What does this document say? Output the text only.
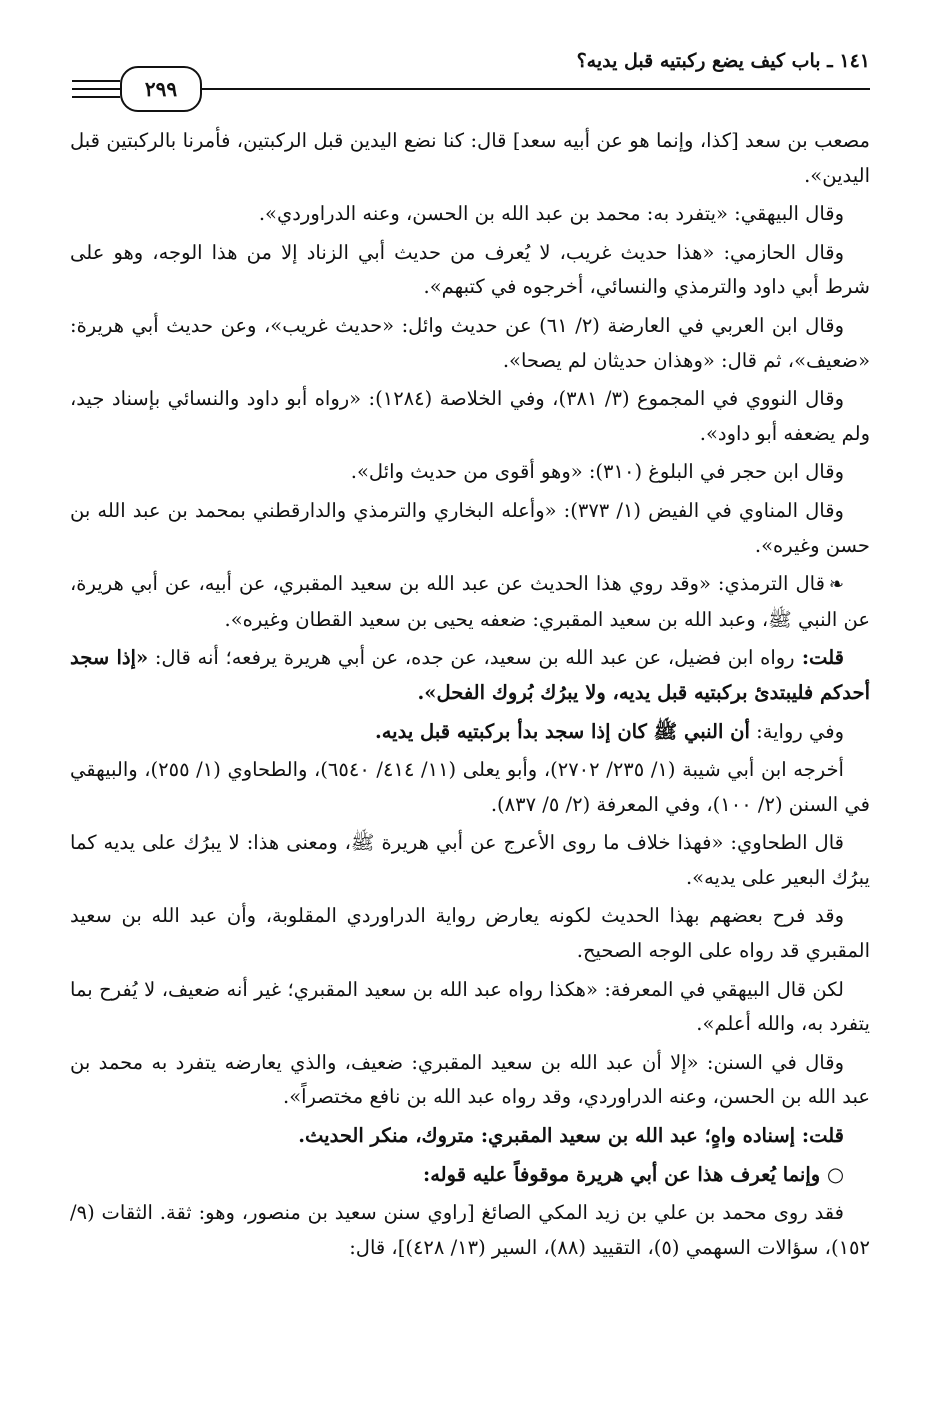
١٤١ ـ باب كيف يضع ركبتيه قبل يديه؟
٢٩٩

مصعب بن سعد [كذا، وإنما هو عن أبيه سعد] قال: كنا نضع اليدين قبل الركبتين، فأمرنا بالركبتين قبل اليدين».

وقال البيهقي: «يتفرد به: محمد بن عبد الله بن الحسن، وعنه الدراوردي».

وقال الحازمي: «هذا حديث غريب، لا يُعرف من حديث أبي الزناد إلا من هذا الوجه، وهو على شرط أبي داود والترمذي والنسائي، أخرجوه في كتبهم».

وقال ابن العربي في العارضة (٢/ ٦١) عن حديث وائل: «حديث غريب»، وعن حديث أبي هريرة: «ضعيف»، ثم قال: «وهذان حديثان لم يصحا».

وقال النووي في المجموع (٣/ ٣٨١)، وفي الخلاصة (١٢٨٤): «رواه أبو داود والنسائي بإسناد جيد، ولم يضعفه أبو داود».

وقال ابن حجر في البلوغ (٣١٠): «وهو أقوى من حديث وائل».

وقال المناوي في الفيض (١/ ٣٧٣): «وأعله البخاري والترمذي والدارقطني بمحمد بن عبد الله بن حسن وغيره».

❧قال الترمذي: «وقد روي هذا الحديث عن عبد الله بن سعيد المقبري، عن أبيه، عن أبي هريرة، عن النبي ﷺ، وعبد الله بن سعيد المقبري: ضعفه يحيى بن سعيد القطان وغيره».

قلت: رواه ابن فضيل، عن عبد الله بن سعيد، عن جده، عن أبي هريرة يرفعه؛ أنه قال: «إذا سجد أحدكم فليبتدئ بركبتيه قبل يديه، ولا يبرُك بُروك الفحل».

وفي رواية: أن النبي ﷺ كان إذا سجد بدأ بركبتيه قبل يديه.

أخرجه ابن أبي شيبة (١/ ٢٣٥/ ٢٧٠٢)، وأبو يعلى (١١/ ٤١٤/ ٦٥٤٠)، والطحاوي (١/ ٢٥٥)، والبيهقي في السنن (٢/ ١٠٠)، وفي المعرفة (٢/ ٥/ ٨٣٧).

قال الطحاوي: «فهذا خلاف ما روى الأعرج عن أبي هريرة ﷺ، ومعنى هذا: لا يبرُك على يديه كما يبرُك البعير على يديه».

وقد فرح بعضهم بهذا الحديث لكونه يعارض رواية الدراوردي المقلوبة، وأن عبد الله بن سعيد المقبري قد رواه على الوجه الصحيح.

لكن قال البيهقي في المعرفة: «هكذا رواه عبد الله بن سعيد المقبري؛ غير أنه ضعيف، لا يُفرح بما يتفرد به، والله أعلم».

وقال في السنن: «إلا أن عبد الله بن سعيد المقبري: ضعيف، والذي يعارضه يتفرد به محمد بن عبد الله بن الحسن، وعنه الدراوردي، وقد رواه عبد الله بن نافع مختصراً».

قلت: إسناده واهٍ؛ عبد الله بن سعيد المقبري: متروك، منكر الحديث.

○ وإنما يُعرف هذا عن أبي هريرة موقوفاً عليه قوله:

فقد روى محمد بن علي بن زيد المكي الصائغ [راوي سنن سعيد بن منصور، وهو: ثقة. الثقات (٩/ ١٥٢)، سؤالات السهمي (٥)، التقييد (٨٨)، السير (١٣/ ٤٢٨)]، قال:
